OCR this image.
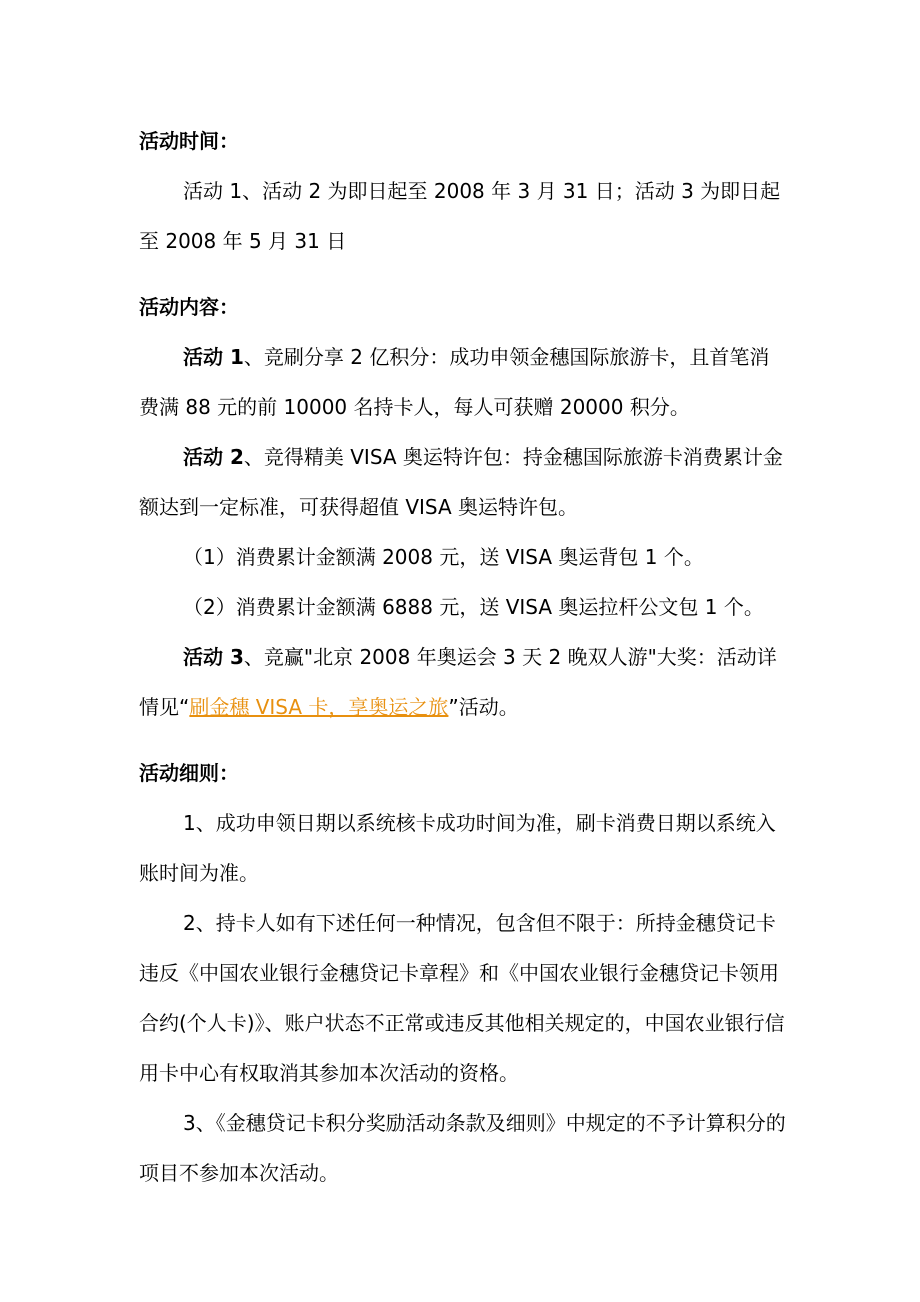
活动时间：

活动 1、活动 2 为即日起至 2008 年 3 月 31 日；活动 3 为即日起至 2008 年 5 月 31 日

活动内容：

活动 1、竞刷分享 2 亿积分：成功申领金穗国际旅游卡，且首笔消费满 88 元的前 10000 名持卡人，每人可获赠 20000 积分。

活动 2、竞得精美 VISA 奥运特许包：持金穗国际旅游卡消费累计金额达到一定标准，可获得超值 VISA 奥运特许包。

（1）消费累计金额满 2008 元，送 VISA 奥运背包 1 个。

（2）消费累计金额满 6888 元，送 VISA 奥运拉杆公文包 1 个。

活动 3、竞赢"北京 2008 年奥运会 3 天 2 晚双人游"大奖：活动详情见“刷金穗 VISA 卡，享奥运之旅”活动。

活动细则：

1、成功申领日期以系统核卡成功时间为准，刷卡消费日期以系统入账时间为准。

2、持卡人如有下述任何一种情况，包含但不限于：所持金穗贷记卡违反《中国农业银行金穗贷记卡章程》和《中国农业银行金穗贷记卡领用合约(个人卡)》、账户状态不正常或违反其他相关规定的，中国农业银行信用卡中心有权取消其参加本次活动的资格。

3、《金穗贷记卡积分奖励活动条款及细则》中规定的不予计算积分的项目不参加本次活动。
